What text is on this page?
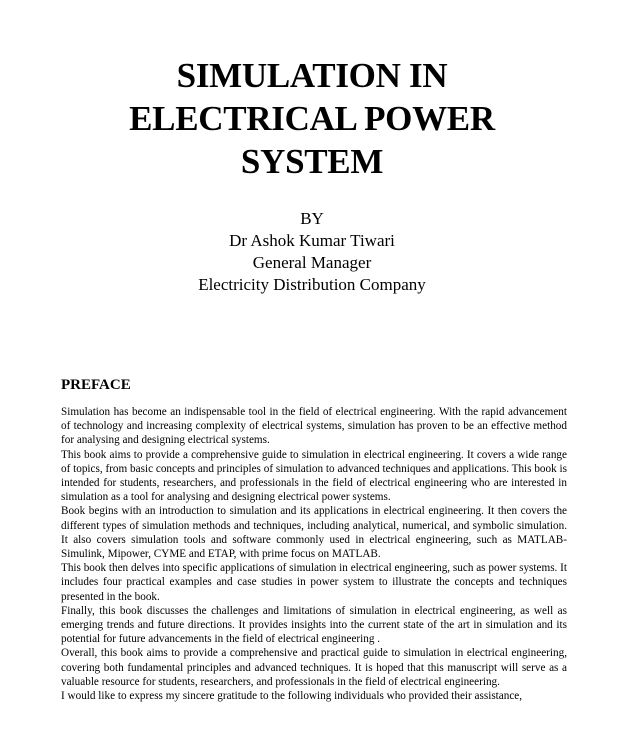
SIMULATION IN
ELECTRICAL POWER
SYSTEM
BY
Dr Ashok Kumar Tiwari
General Manager
Electricity Distribution Company
PREFACE

Simulation has become an indispensable tool in the field of electrical engineering. With the rapid advancement of technology and increasing complexity of electrical systems, simulation has proven to be an effective method for analysing and designing electrical systems.

This book aims to provide a comprehensive guide to simulation in electrical engineering. It covers a wide range of topics, from basic concepts and principles of simulation to advanced techniques and applications. This book is intended for students, researchers, and professionals in the field of electrical engineering who are interested in simulation as a tool for analysing and designing electrical power systems.

Book begins with an introduction to simulation and its applications in electrical engineering. It then covers the different types of simulation methods and techniques, including analytical, numerical, and symbolic simulation. It also covers simulation tools and software commonly used in electrical engineering, such as MATLAB-Simulink, Mipower, CYME and ETAP, with prime focus on MATLAB.

This book then delves into specific applications of simulation in electrical engineering, such as power systems. It includes four practical examples and case studies in power system to illustrate the concepts and techniques presented in the book.

Finally, this book discusses the challenges and limitations of simulation in electrical engineering, as well as emerging trends and future directions. It provides insights into the current state of the art in simulation and its potential for future advancements in the field of electrical engineering .

Overall, this book aims to provide a comprehensive and practical guide to simulation in electrical engineering, covering both fundamental principles and advanced techniques. It is hoped that this manuscript will serve as a valuable resource for students, researchers, and professionals in the field of electrical engineering.

I would like to express my sincere gratitude to the following individuals who provided their assistance,
